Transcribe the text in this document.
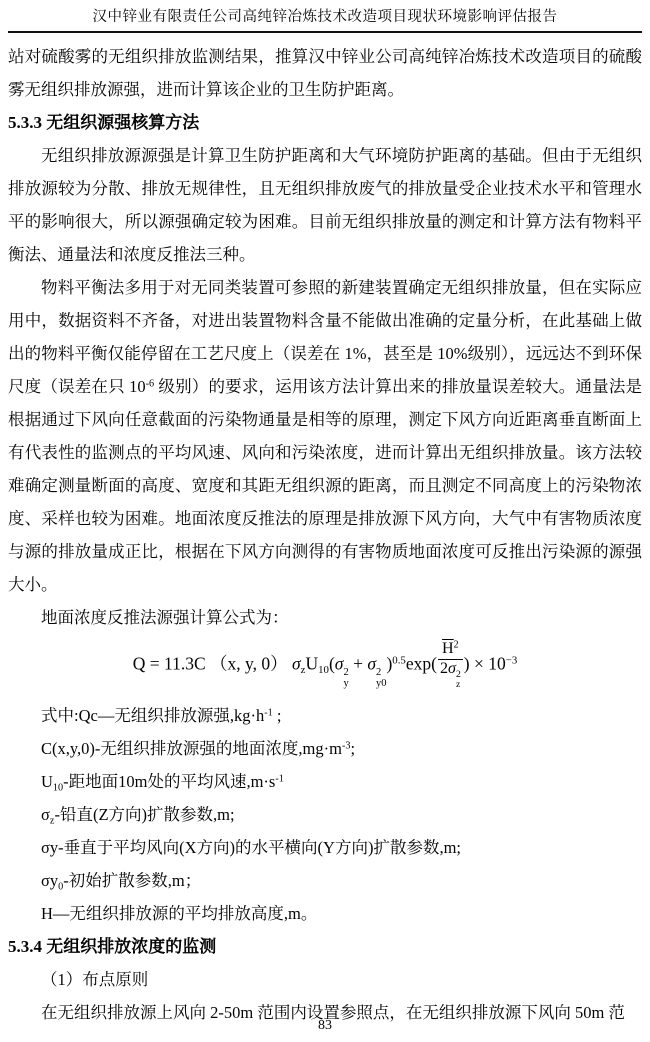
汉中锌业有限责任公司高纯锌冶炼技术改造项目现状环境影响评估报告
站对硫酸雾的无组织排放监测结果，推算汉中锌业公司高纯锌冶炼技术改造项目的硫酸雾无组织排放源强，进而计算该企业的卫生防护距离。
5.3.3 无组织源强核算方法
无组织排放源源强是计算卫生防护距离和大气环境防护距离的基础。但由于无组织排放源较为分散、排放无规律性，且无组织排放废气的排放量受企业技术水平和管理水平的影响很大，所以源强确定较为困难。目前无组织排放量的测定和计算方法有物料平衡法、通量法和浓度反推法三种。
物料平衡法多用于对无同类装置可参照的新建装置确定无组织排放量，但在实际应用中，数据资料不齐备，对进出装置物料含量不能做出准确的定量分析，在此基础上做出的物料平衡仅能停留在工艺尺度上（误差在 1%，甚至是 10%级别），远远达不到环保尺度（误差在只 $10^{-6}$ 级别）的要求，运用该方法计算出来的排放量误差较大。通量法是根据通过下风向任意截面的污染物通量是相等的原理，测定下风方向近距离垂直断面上有代表性的监测点的平均风速、风向和污染浓度，进而计算出无组织排放量。该方法较难确定测量断面的高度、宽度和其距无组织源的距离，而且测定不同高度上的污染物浓度、采样也较为困难。地面浓度反推法的原理是排放源下风方向，大气中有害物质浓度与源的排放量成正比，根据在下风方向测得的有害物质地面浓度可反推出污染源的源强大小。
地面浓度反推法源强计算公式为：
Q = 11.3C （x, y, 0） $\sigma_zU_{10}(\sigma$ 2
y
+ σ 2
y0
)$^{0.5}$exp( $\overline{H}^2$
2σ 2
z ) × $10^{-3}$
式中:Qc—无组织排放源强$,kg\cdot h^{-1}$ ;
C(x,y,0)-无组织排放源强的地面浓度$,mg\cdot m^{-3}$;
$U_{10}-$距地面10m处的平均风速$,m\cdot s^{-1}$
$\sigma_z-$铅直(Z方向)扩散参数,m;
σy-垂直于平均风向(X方向)的水平横向(Y方向)扩散参数,m;
$\sigma y_0-$初始扩散参数,m；
H—无组织排放源的平均排放高度,m。
5.3.4 无组织排放浓度的监测
（1）布点原则
在无组织排放源上风向 2-50m 范围内设置参照点，在无组织排放源下风向 50m 范
83
